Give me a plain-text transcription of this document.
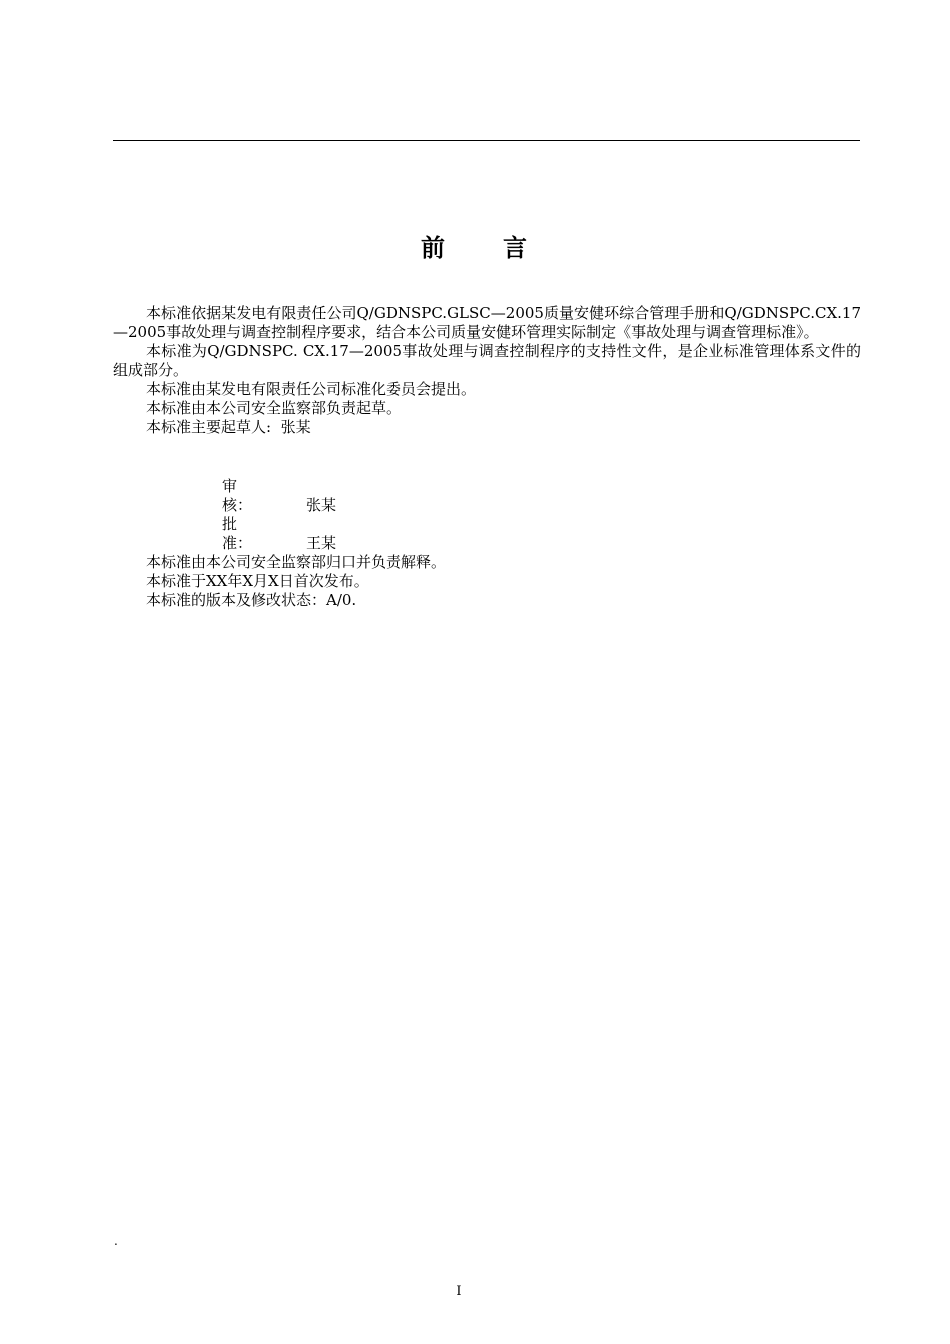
前 言

本标准依据某发电有限责任公司Q/GDNSPC.GLSC—2005质量安健环综合管理手册和Q/GDNSPC.CX.17—2005事故处理与调查控制程序要求，结合本公司质量安健环管理实际制定《事故处理与调查管理标准》。

本标准为Q/GDNSPC. CX.17—2005事故处理与调查控制程序的支持性文件，是企业标准管理体系文件的组成部分。

本标准由某发电有限责任公司标准化委员会提出。

本标准由本公司安全监察部负责起草。

本标准主要起草人:  张某

审核：	张某
批准：	王某

本标准由本公司安全监察部归口并负责解释。

本标准于XX年X月X日首次发布。

本标准的版本及修改状态：A/0.

.
I
